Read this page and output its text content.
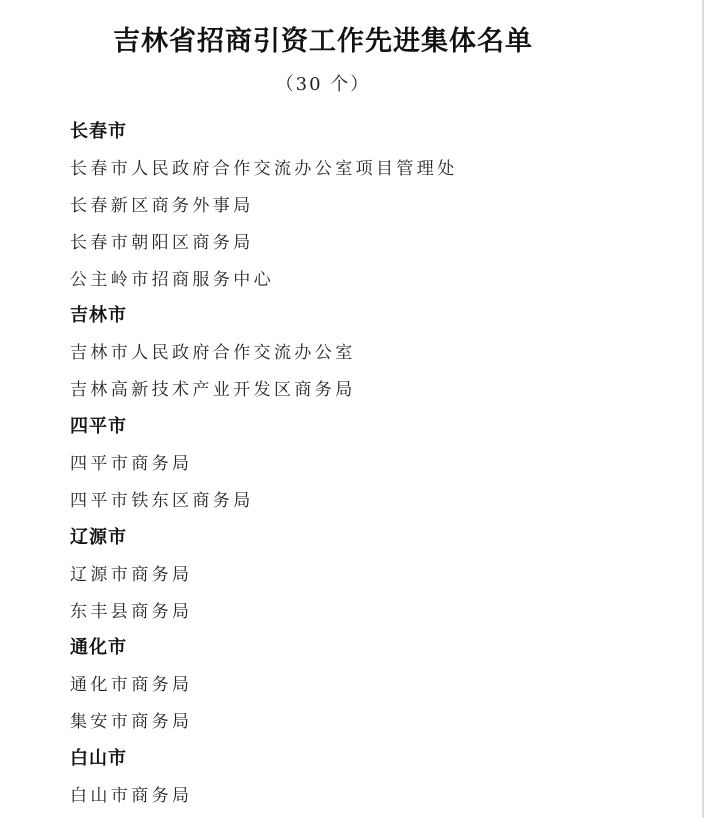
吉林省招商引资工作先进集体名单
（30 个）
长春市
长春市人民政府合作交流办公室项目管理处
长春新区商务外事局
长春市朝阳区商务局
公主岭市招商服务中心
吉林市
吉林市人民政府合作交流办公室
吉林高新技术产业开发区商务局
四平市
四平市商务局
四平市铁东区商务局
辽源市
辽源市商务局
东丰县商务局
通化市
通化市商务局
集安市商务局
白山市
白山市商务局
